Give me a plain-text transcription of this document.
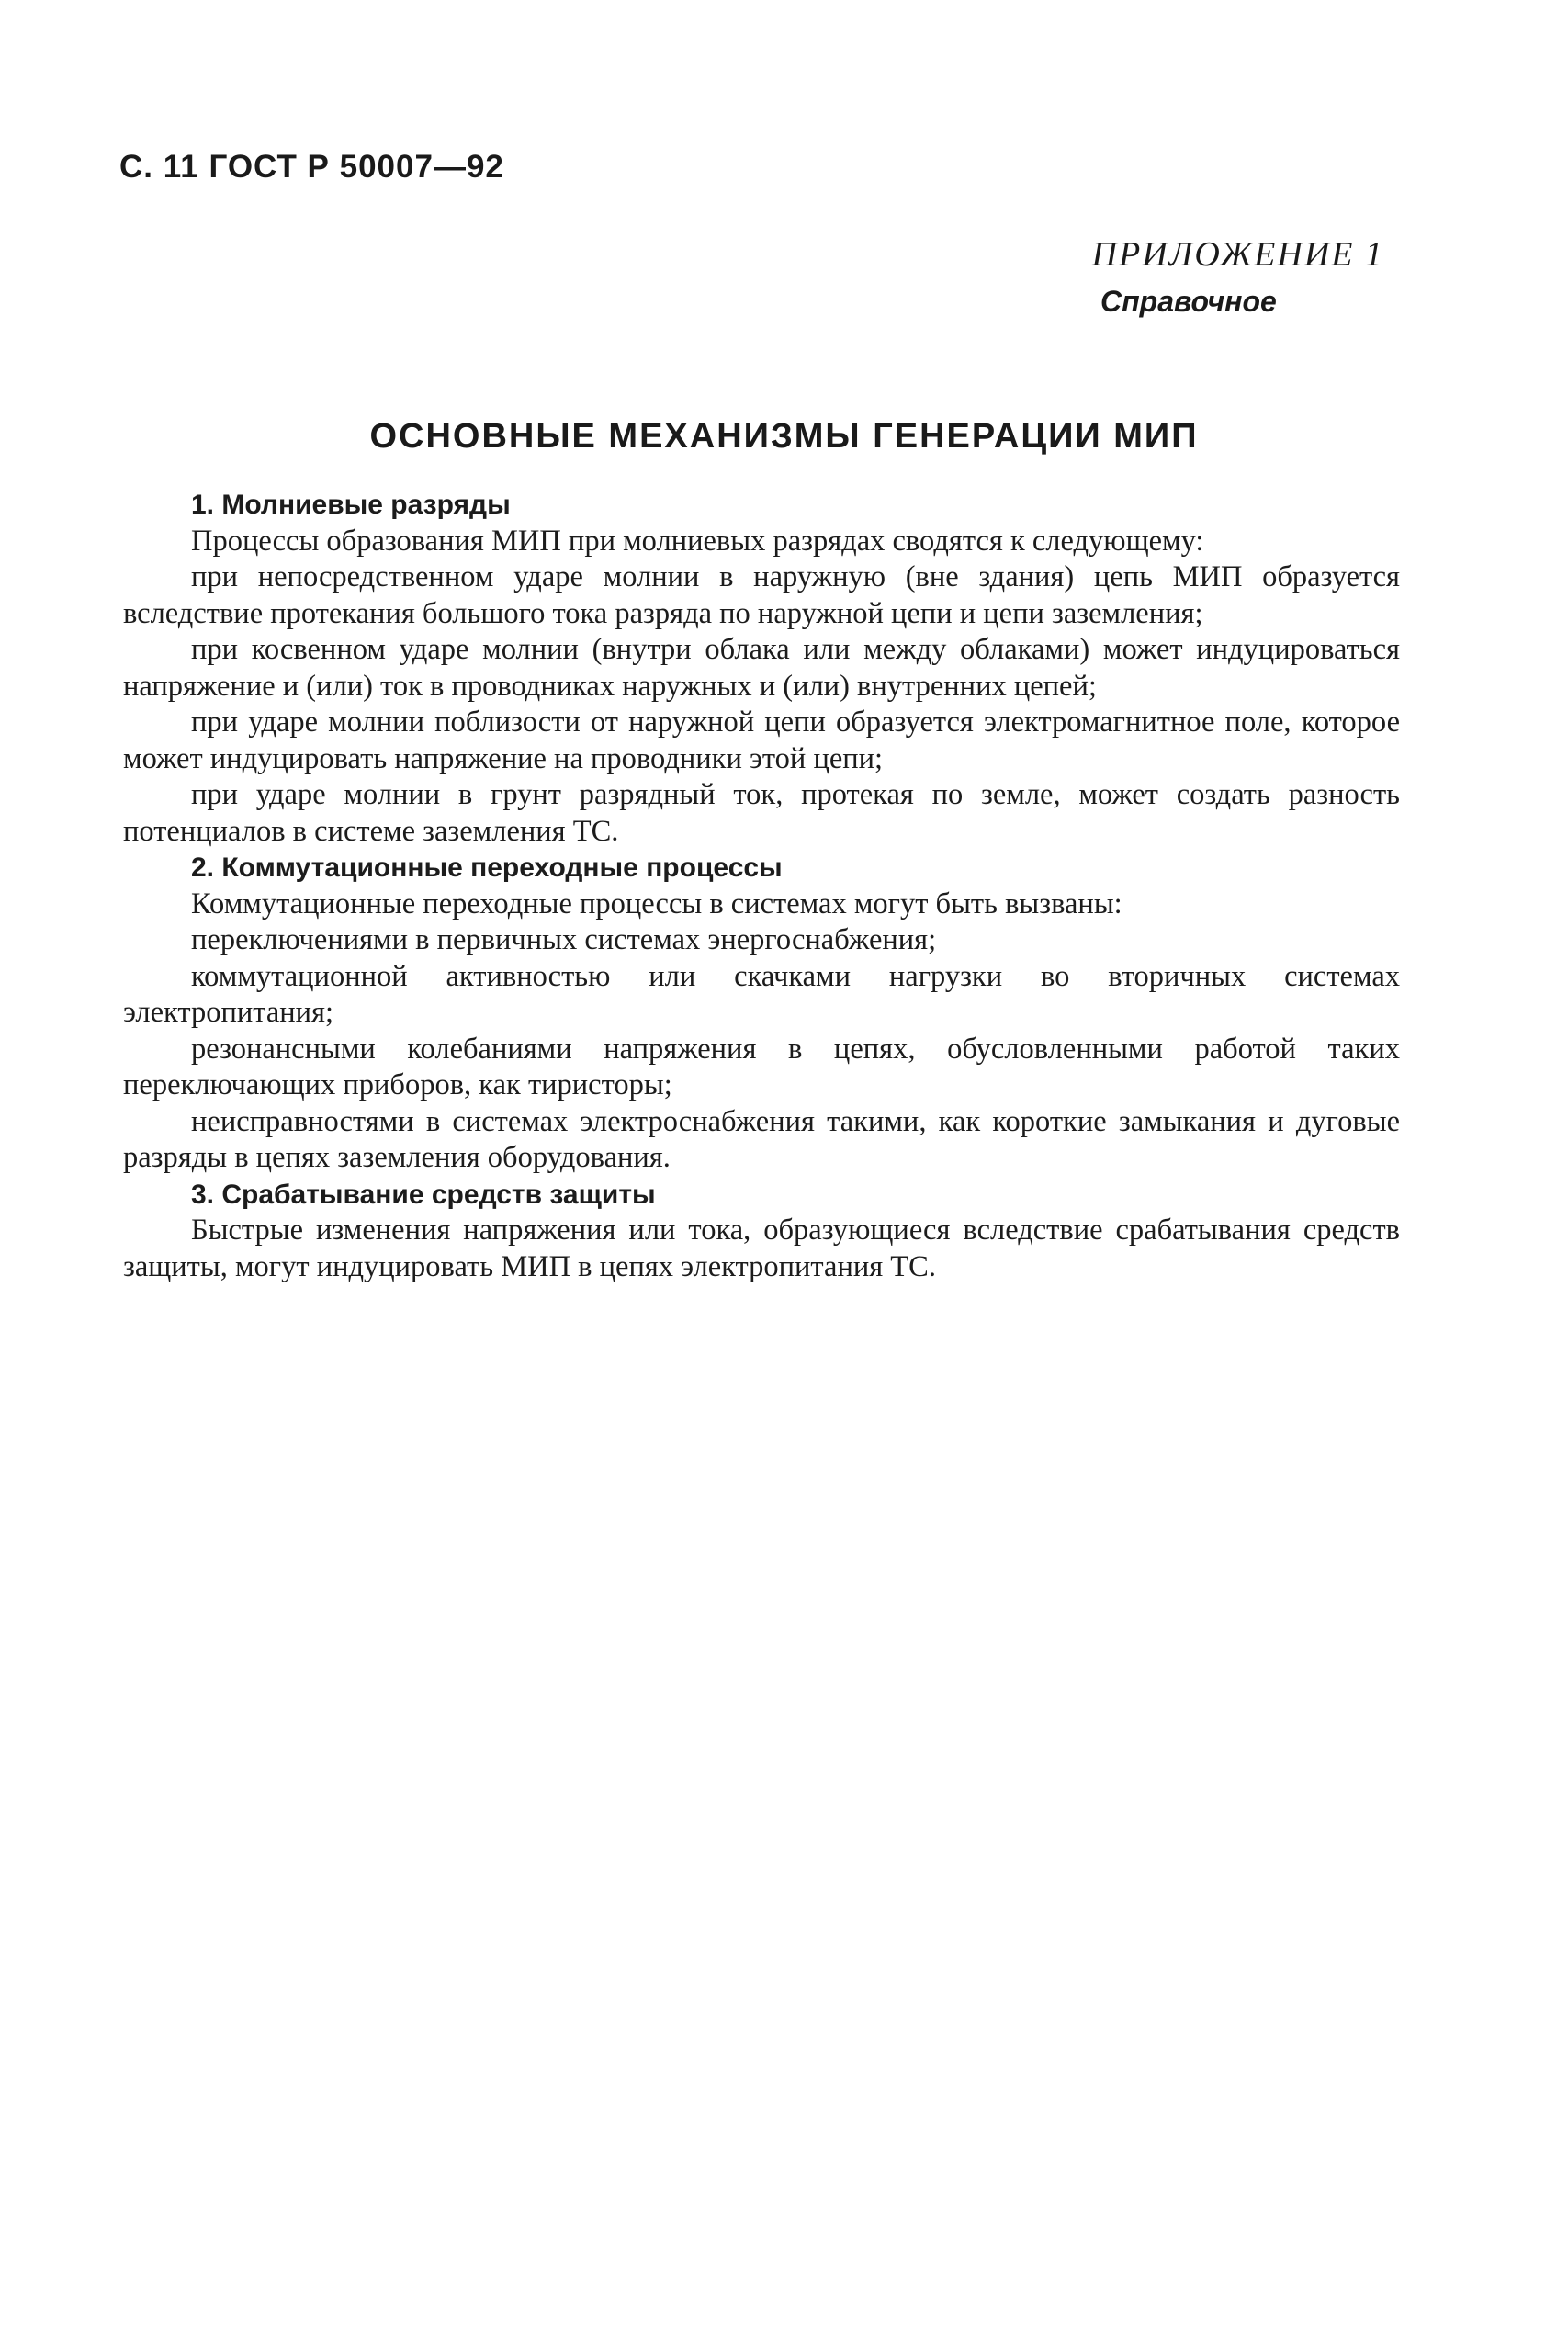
С. 11 ГОСТ Р 50007—92
ПРИЛОЖЕНИЕ 1
Справочное
ОСНОВНЫЕ МЕХАНИЗМЫ ГЕНЕРАЦИИ МИП

1. Молниевые разряды

Процессы образования МИП при молниевых разрядах сводятся к следующему:

при непосредственном ударе молнии в наружную (вне здания) цепь МИП образуется вследствие протекания большого тока разряда по наружной цепи и цепи заземления;

при косвенном ударе молнии (внутри облака или между облаками) может индуцироваться напряжение и (или) ток в проводниках наружных и (или) внутренних цепей;

при ударе молнии поблизости от наружной цепи образуется электромагнитное поле, которое может индуцировать напряжение на проводники этой цепи;

при ударе молнии в грунт разрядный ток, протекая по земле, может создать разность потенциалов в системе заземления ТС.

2. Коммутационные переходные процессы

Коммутационные переходные процессы в системах могут быть вызваны:

переключениями в первичных системах энергоснабжения;

коммутационной активностью или скачками нагрузки во вторичных системах электропитания;

резонансными колебаниями напряжения в цепях, обусловленными работой таких переключающих приборов, как тиристоры;

неисправностями в системах электроснабжения такими, как короткие замыкания и дуговые разряды в цепях заземления оборудования.

3. Срабатывание средств защиты

Быстрые изменения напряжения или тока, образующиеся вследствие срабатывания средств защиты, могут индуцировать МИП в цепях электропитания ТС.
